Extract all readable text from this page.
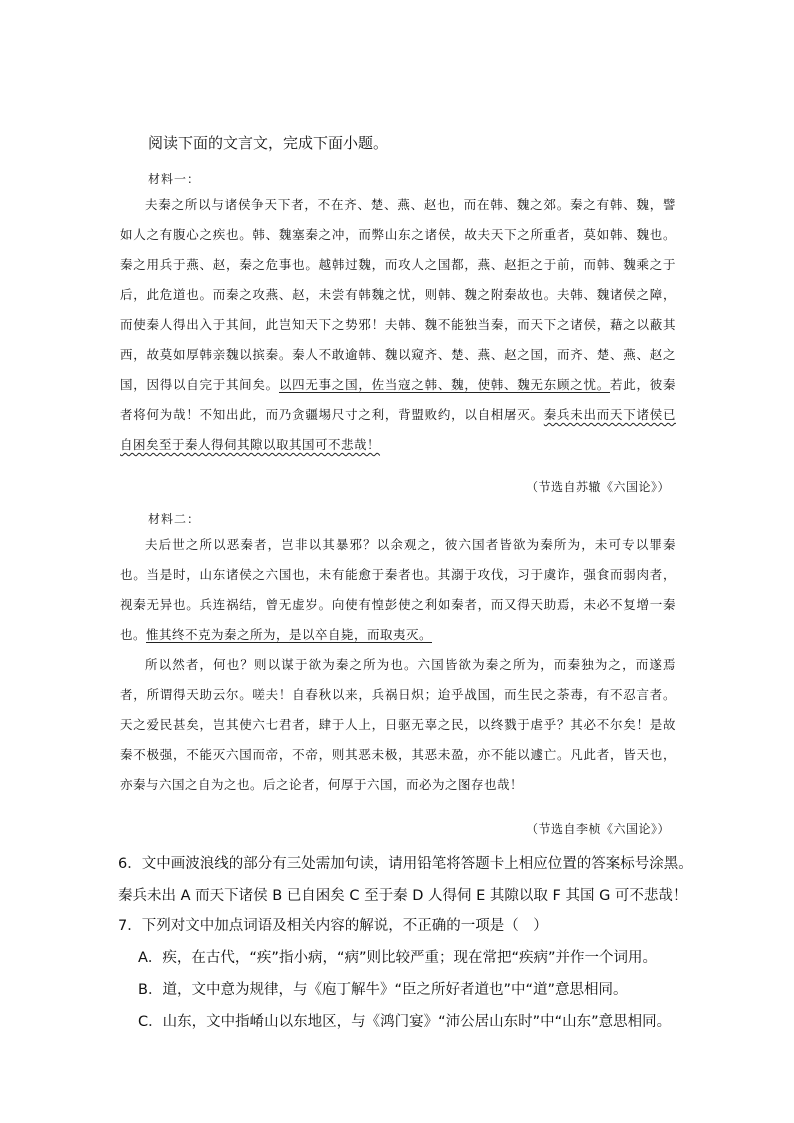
阅读下面的文言文，完成下面小题。
材料一：

夫秦之所以与诸侯争天下者，不在齐、楚、燕、赵也，而在韩、魏之郊。秦之有韩、魏，譬如人之有腹心之疾也。韩、魏塞秦之冲，而弊山东之诸侯，故夫天下之所重者，莫如韩、魏也。秦之用兵于燕、赵，秦之危事也。越韩过魏，而攻人之国都，燕、赵拒之于前，而韩、魏乘之于后，此危道也。而秦之攻燕、赵，未尝有韩魏之忧，则韩、魏之附秦故也。夫韩、魏诸侯之障，而使秦人得出入于其间，此岂知天下之势邪！夫韩、魏不能独当秦，而天下之诸侯，藉之以蔽其西，故莫如厚韩亲魏以摈秦。秦人不敢逾韩、魏以窥齐、楚、燕、赵之国，而齐、楚、燕、赵之国，因得以自完于其间矣。以四无事之国，佐当寇之韩、魏，使韩、魏无东顾之忧。若此，彼秦者将何为哉！不知出此，而乃贪疆埸尺寸之利，背盟败约，以自相屠灭。秦兵未出而天下诸侯已自困矣至于秦人得伺其隙以取其国可不悲哉！

（节选自苏辙《六国论》）
材料二：

夫后世之所以恶秦者，岂非以其暴邪？以余观之，彼六国者皆欲为秦所为，未可专以罪秦也。当是时，山东诸侯之六国也，未有能愈于秦者也。其溺于攻伐，习于虞诈，强食而弱肉者，视秦无异也。兵连祸结，曾无虚岁。向使有惶彭使之利如秦者，而又得天助焉，未必不复增一秦也。惟其终不克为秦之所为，是以卒自毙，而取夷灭。

所以然者，何也？则以谋于欲为秦之所为也。六国皆欲为秦之所为，而秦独为之，而遂焉者，所谓得天助云尔。嗟夫！自春秋以来，兵祸日炽；迨乎战国，而生民之荼毒，有不忍言者。天之爱民甚矣，岂其使六七君者，肆于人上，日驱无辜之民，以终戮于虐乎？其必不尔矣！是故秦不极强，不能灭六国而帝，不帝，则其恶未极，其恶未盈，亦不能以遽亡。凡此者，皆天也，亦秦与六国之自为之也。后之论者，何厚于六国，而必为之图存也哉！

（节选自李桢《六国论》）
6．文中画波浪线的部分有三处需加句读，请用铅笔将答题卡上相应位置的答案标号涂黑。
秦兵未出 A 而天下诸侯 B 已自困矣 C 至于秦 D 人得伺 E 其隙以取 F 其国 G 可不悲哉！
7．下列对文中加点词语及相关内容的解说，不正确的一项是（　）
A．疾，在古代，“疾”指小病，“病”则比较严重；现在常把“疾病”并作一个词用。
B．道，文中意为规律，与《庖丁解牛》“臣之所好者道也”中“道”意思相同。
C．山东，文中指崤山以东地区，与《鸿门宴》“沛公居山东时”中“山东”意思相同。
